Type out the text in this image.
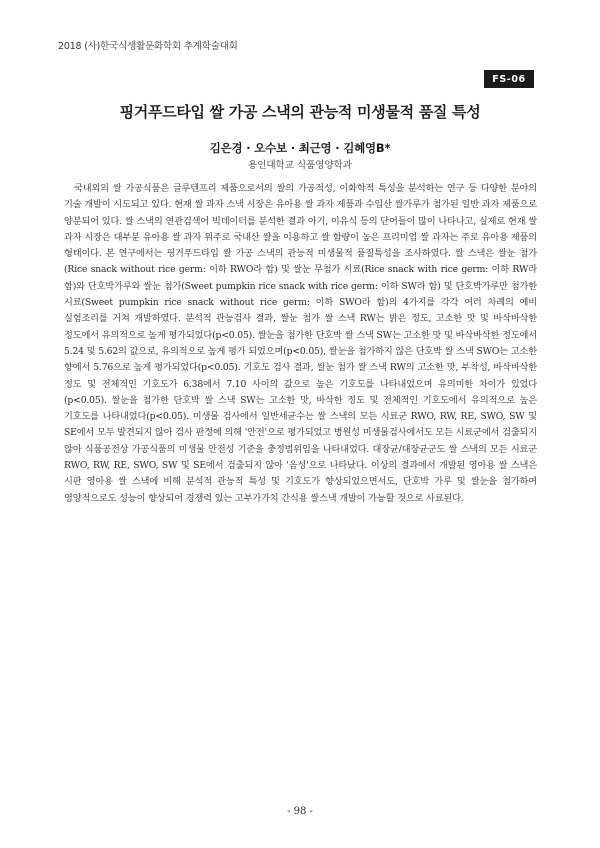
2018 (사)한국식생활문화학회 추계학술대회
FS-06
핑거푸드타입 쌀 가공 스낵의 관능적 미생물적 품질 특성
김은경 · 오수보 · 최근영 · 김혜영B*
용인대학교 식품영양학과
국내외의 쌀 가공식품은 글루텐프리 제품으로서의 쌀의 가공적성, 이화학적 특성을 분석하는 연구 등 다양한 분야의 기술 개발이 시도되고 있다. 현재 쌀 과자 스낵 시장은 유아용 쌀 과자 제품과 수입산 쌀가루가 첨가된 일반 과자 제품으로 양분되어 있다. 쌀 스낵의 연관검색어 빅데이터를 분석한 결과 아기, 이유식 등의 단어들이 많이 나타나고, 실제로 현재 쌀 과자 시장은 대부분 유아용 쌀 과자 위주로 국내산 쌀을 이용하고 쌀 함량이 높은 프리미엄 쌀 과자는 주로 유아용 제품의 형태이다. 본 연구에서는 핑거푸드타입 쌀 가공 스낵의 관능적 미생물적 품질특성을 조사하였다. 쌀 스낵은 쌀눈 첨가(Rice snack without rice germ: 이하 RWO라 함) 및 쌀눈 무첨가 시료(Rice snack with rice germ: 이하 RW라 함)와 단호박가루와 쌀눈 첨가(Sweet pumpkin rice snack with rice germ: 이하 SW라 함) 및 단호박가루만 첨가한 시료(Sweet pumpkin rice snack without rice germ: 이하 SWO라 함)의 4가지를 각각 여러 차례의 예비 실험조리를 거쳐 개발하였다. 분석적 관능검사 결과, 쌀눈 첨가 쌀 스낵 RW는 밝은 정도, 고소한 맛 및 바삭바삭한 정도에서 유의적으로 높게 평가되었다(p<0.05). 쌀눈을 첨가한 단호박 쌀 스낵 SW는 고소한 맛 및 바삭바삭한 정도에서 5.24 및 5.62의 값으로, 유의적으로 높게 평가 되었으며(p<0.05), 쌀눈을 첨가하지 않은 단호박 쌀 스낵 SWO는 고소한 향에서 5.76으로 높게 평가되었다(p<0.05). 기호도 검사 결과, 쌀눈 첨가 쌀 스낵 RW의 고소한 맛, 부착성, 바삭바삭한 정도 및 전체적인 기호도가 6.38에서 7.10 사이의 값으로 높은 기호도를 나타내었으며 유의미한 차이가 있었다(p<0.05). 쌀눈을 첨가한 단호박 쌀 스낵 SW는 고소한 맛, 바삭한 정도 및 전체적인 기호도에서 유의적으로 높은 기호도를 나타내었다(p<0.05). 미생물 검사에서 일반세균수는 쌀 스낵의 모든 시료군 RWO, RW, RE, SWO, SW 및 SE에서 모두 발견되지 않아 검사 판정에 의해 '안전'으로 평가되었고 병원성 미생물검사에서도 모든 시료군에서 검출되지 않아 식품공전상 가공식품의 미생물 안전성 기준을 충정범위임을 나타내었다. 대장균/대장균군도 쌀 스낵의 모든 시료군 RWO, RW, RE, SWO, SW 및 SE에서 검출되지 않아 '음성'으로 나타났다. 이상의 결과에서 개발된 영아용 쌀 스낵은 시판 영아용 쌀 스낵에 비해 분석적 관능적 특성 및 기호도가 향상되었으면서도, 단호박 가루 및 쌀눈을 첨가하여 영양적으로도 성능이 향상되어 경쟁력 있는 고부가가치 간식용 쌀스낵 개발이 가능할 것으로 사료된다.
- 98 -
